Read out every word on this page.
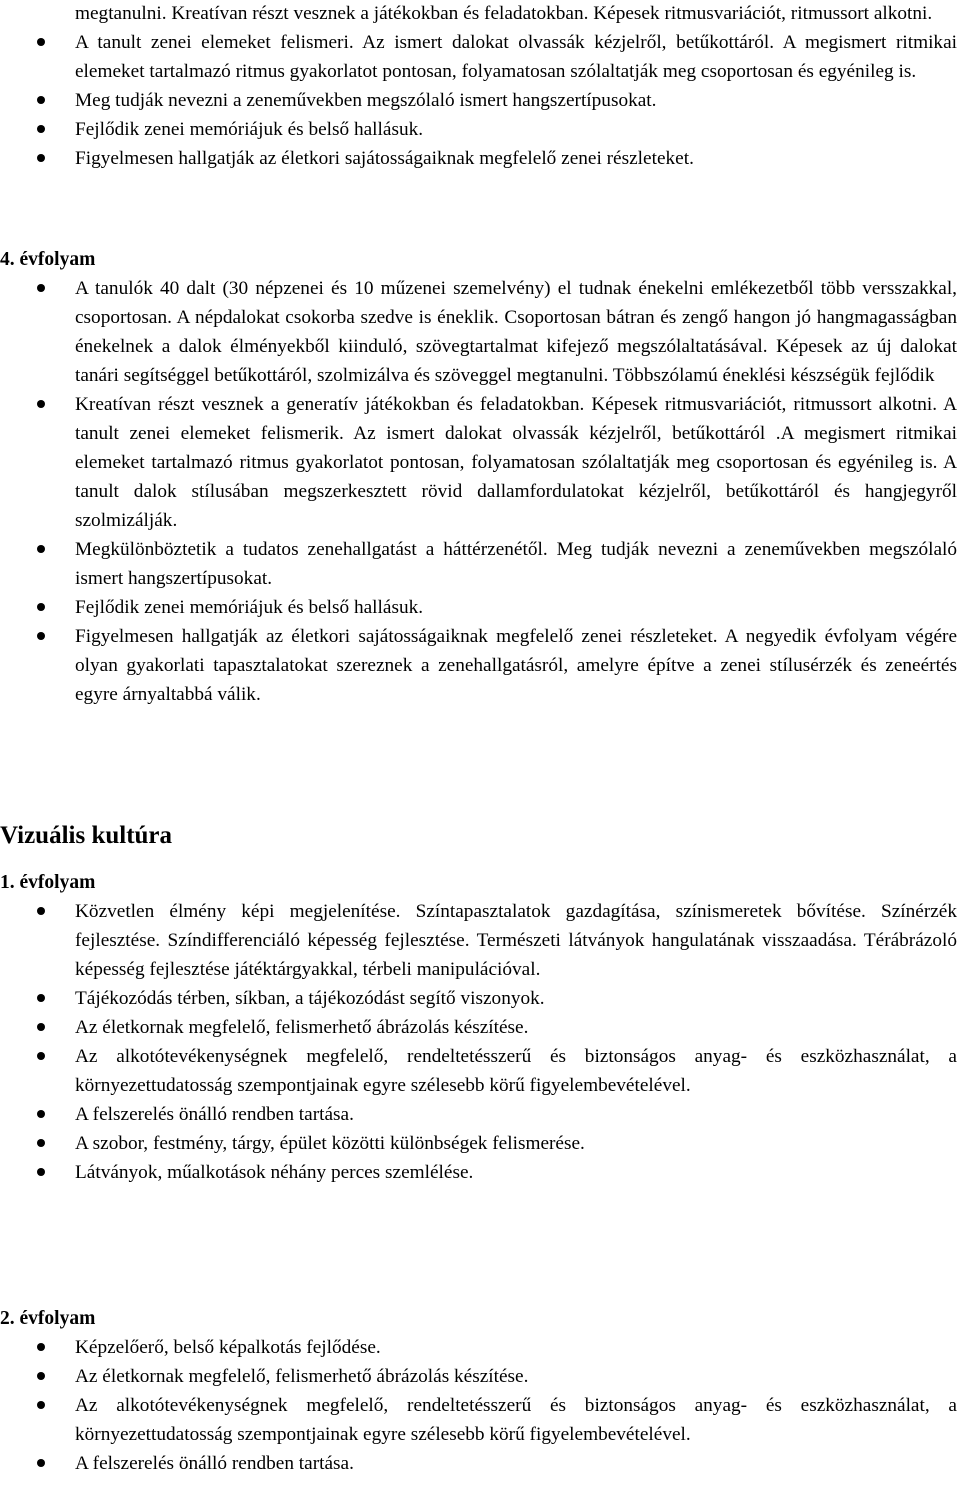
megtanulni. Kreatívan részt vesznek a játékokban és feladatokban. Képesek ritmusvariációt, ritmussort alkotni.
A tanult zenei elemeket felismeri. Az ismert dalokat olvassák kézjelről, betűkottáról. A megismert ritmikai elemeket tartalmazó ritmus gyakorlatot pontosan, folyamatosan szólaltatják meg csoportosan és egyénileg is.
Meg tudják nevezni a zeneművekben megszólaló ismert hangszertípusokat.
Fejlődik zenei memóriájuk és belső hallásuk.
Figyelmesen hallgatják az életkori sajátosságaiknak megfelelő zenei részleteket.
4. évfolyam
A tanulók 40 dalt (30 népzenei és 10 műzenei szemelvény) el tudnak énekelni emlékezetből több versszakkal, csoportosan. A népdalokat csokorba szedve is éneklik. Csoportosan bátran és zengő hangon jó hangmagasságban énekelnek a dalok élményekből kiinduló, szövegtartalmat kifejező megszólaltatásával. Képesek az új dalokat tanári segítséggel betűkottáról, szolmizálva és szöveggel megtanulni. Többszólamú éneklési készségük fejlődik
Kreatívan részt vesznek a generatív játékokban és feladatokban. Képesek ritmusvariációt, ritmussort alkotni. A tanult zenei elemeket felismerik. Az ismert dalokat olvassák kézjelről, betűkottáról .A megismert ritmikai elemeket tartalmazó ritmus gyakorlatot pontosan, folyamatosan szólaltatják meg csoportosan és egyénileg is. A tanult dalok stílusában megszerkesztett rövid dallamfordulatokat kézjelről, betűkottáról és hangjegyről szolmizálják.
Megkülönböztetik a tudatos zenehallgatást a háttérzenétől. Meg tudják nevezni a zeneművekben megszólaló ismert hangszertípusokat.
Fejlődik zenei memóriájuk és belső hallásuk.
Figyelmesen hallgatják az életkori sajátosságaiknak megfelelő zenei részleteket. A negyedik évfolyam végére olyan gyakorlati tapasztalatokat szereznek a zenehallgatásról, amelyre építve a zenei stílusérzék és zeneértés egyre árnyaltabbá válik.
Vizuális kultúra
1. évfolyam
Közvetlen élmény képi megjelenítése. Színtapasztalatok gazdagítása, színismeretek bővítése. Színérzék fejlesztése. Színdifferenciáló képesség fejlesztése. Természeti látványok hangulatának visszaadása. Térábrázoló képesség fejlesztése játéktárgyakkal, térbeli manipulációval.
Tájékozódás térben, síkban, a tájékozódást segítő viszonyok.
Az életkornak megfelelő, felismerhető ábrázolás készítése.
Az alkotótevékenységnek megfelelő, rendeltetésszerű és biztonságos anyag- és eszközhasználat, a környezettudatosság szempontjainak egyre szélesebb körű figyelembevételével.
A felszerelés önálló rendben tartása.
A szobor, festmény, tárgy, épület közötti különbségek felismerése.
Látványok, műalkotások néhány perces szemlélése.
2. évfolyam
Képzelőerő, belső képalkotás fejlődése.
Az életkornak megfelelő, felismerhető ábrázolás készítése.
Az alkotótevékenységnek megfelelő, rendeltetésszerű és biztonságos anyag- és eszközhasználat, a környezettudatosság szempontjainak egyre szélesebb körű figyelembevételével.
A felszerelés önálló rendben tartása.
